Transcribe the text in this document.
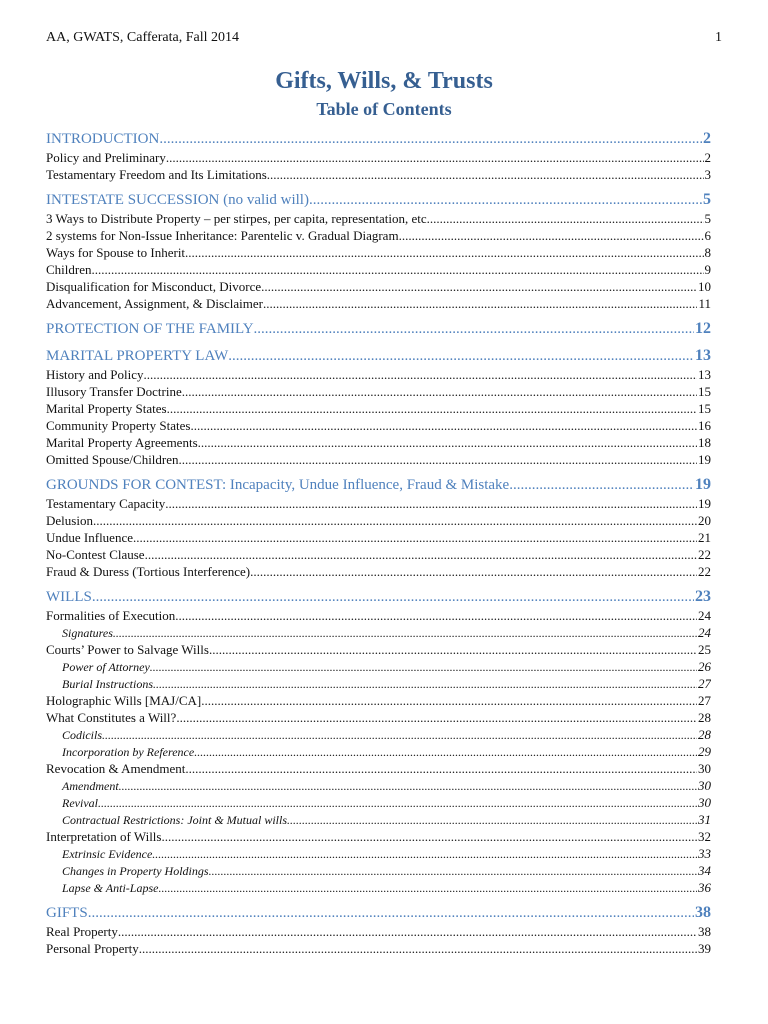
AA, GWATS, Cafferata, Fall 2014	1
Gifts, Wills, & Trusts
Table of Contents
INTRODUCTION .....	2
Policy and Preliminary .....	2
Testamentary Freedom and Its Limitations .....	3
INTESTATE SUCCESSION (no valid will) .....	5
3 Ways to Distribute Property – per stirpes, per capita, representation, etc. .....	5
2 systems for Non-Issue Inheritance: Parentelic v. Gradual Diagram .....	6
Ways for Spouse to Inherit .....	8
Children .....	9
Disqualification for Misconduct, Divorce .....	10
Advancement, Assignment, & Disclaimer .....	11
PROTECTION OF THE FAMILY .....	12
MARITAL PROPERTY LAW .....	13
History and Policy .....	13
Illusory Transfer Doctrine .....	15
Marital Property States .....	15
Community Property States .....	16
Marital Property Agreements .....	18
Omitted Spouse/Children .....	19
GROUNDS FOR CONTEST: Incapacity, Undue Influence, Fraud & Mistake .....	19
Testamentary Capacity .....	19
Delusion .....	20
Undue Influence .....	21
No-Contest Clause .....	22
Fraud & Duress (Tortious Interference) .....	22
WILLS .....	23
Formalities of Execution .....	24
Signatures .....	24
Courts’ Power to Salvage Wills .....	25
Power of Attorney .....	26
Burial Instructions .....	27
Holographic Wills [MAJ/CA] .....	27
What Constitutes a Will? .....	28
Codicils .....	28
Incorporation by Reference .....	29
Revocation & Amendment .....	30
Amendment .....	30
Revival .....	30
Contractual Restrictions: Joint & Mutual wills .....	31
Interpretation of Wills .....	32
Extrinsic Evidence .....	33
Changes in Property Holdings .....	34
Lapse & Anti-Lapse .....	36
GIFTS .....	38
Real Property .....	38
Personal Property .....	39
